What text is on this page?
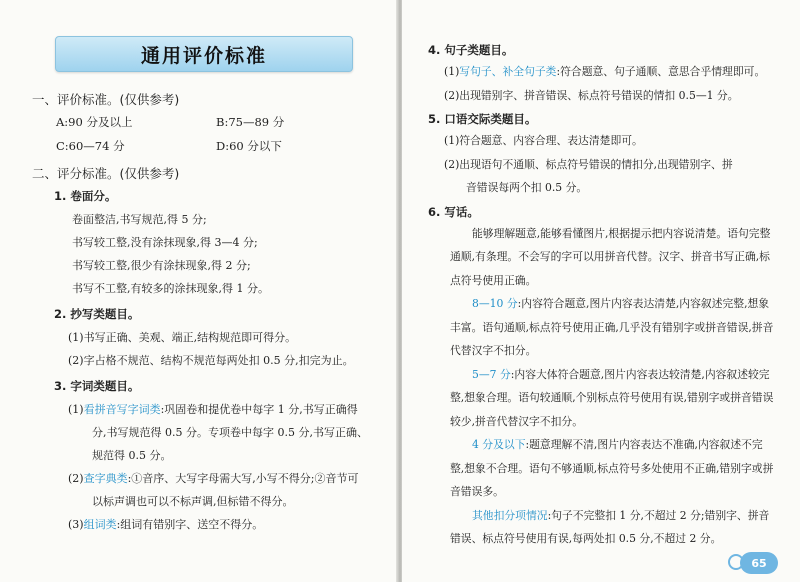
通用评价标准
一、评价标准。(仅供参考)
A:90 分及以上	B:75—89 分
C:60—74 分	D:60 分以下
二、评分标准。(仅供参考)
1. 卷面分。

卷面整洁,书写规范,得 5 分;

书写较工整,没有涂抹现象,得 3—4 分;

书写较工整,很少有涂抹现象,得 2 分;

书写不工整,有较多的涂抹现象,得 1 分。

2. 抄写类题目。

(1)书写正确、美观、端正,结构规范即可得分。

(2)字占格不规范、结构不规范每两处扣 0.5 分,扣完为止。

3. 字词类题目。

(1)看拼音写字词类:巩固卷和提优卷中每字 1 分,书写正确得

分,书写规范得 0.5 分。专项卷中每字 0.5 分,书写正确、

规范得 0.5 分。

(2)查字典类:①音序、大写字母需大写,小写不得分;②音节可

以标声调也可以不标声调,但标错不得分。

(3)组词类:组词有错别字、送空不得分。

4. 句子类题目。

(1)写句子、补全句子类:符合题意、句子通顺、意思合乎情理即可。

(2)出现错别字、拼音错误、标点符号错误的情扣 0.5—1 分。

5. 口语交际类题目。

(1)符合题意、内容合理、表达清楚即可。

(2)出现语句不通顺、标点符号错误的情扣分,出现错别字、拼

音错误每两个扣 0.5 分。

6. 写话。

能够理解题意,能够看懂图片,根据提示把内容说清楚。语句完整通顺,有条理。不会写的字可以用拼音代替。汉字、拼音书写正确,标点符号使用正确。

8—10 分:内容符合题意,图片内容表达清楚,内容叙述完整,想象丰富。语句通顺,标点符号使用正确,几乎没有错别字或拼音错误,拼音代替汉字不扣分。

5—7 分:内容大体符合题意,图片内容表达较清楚,内容叙述较完整,想象合理。语句较通顺,个别标点符号使用有误,错别字或拼音错误较少,拼音代替汉字不扣分。

4 分及以下:题意理解不清,图片内容表达不准确,内容叙述不完整,想象不合理。语句不够通顺,标点符号多处使用不正确,错别字或拼音错误多。

其他扣分项情况:句子不完整扣 1 分,不超过 2 分;错别字、拼音错误、标点符号使用有误,每两处扣 0.5 分,不超过 2 分。

65
